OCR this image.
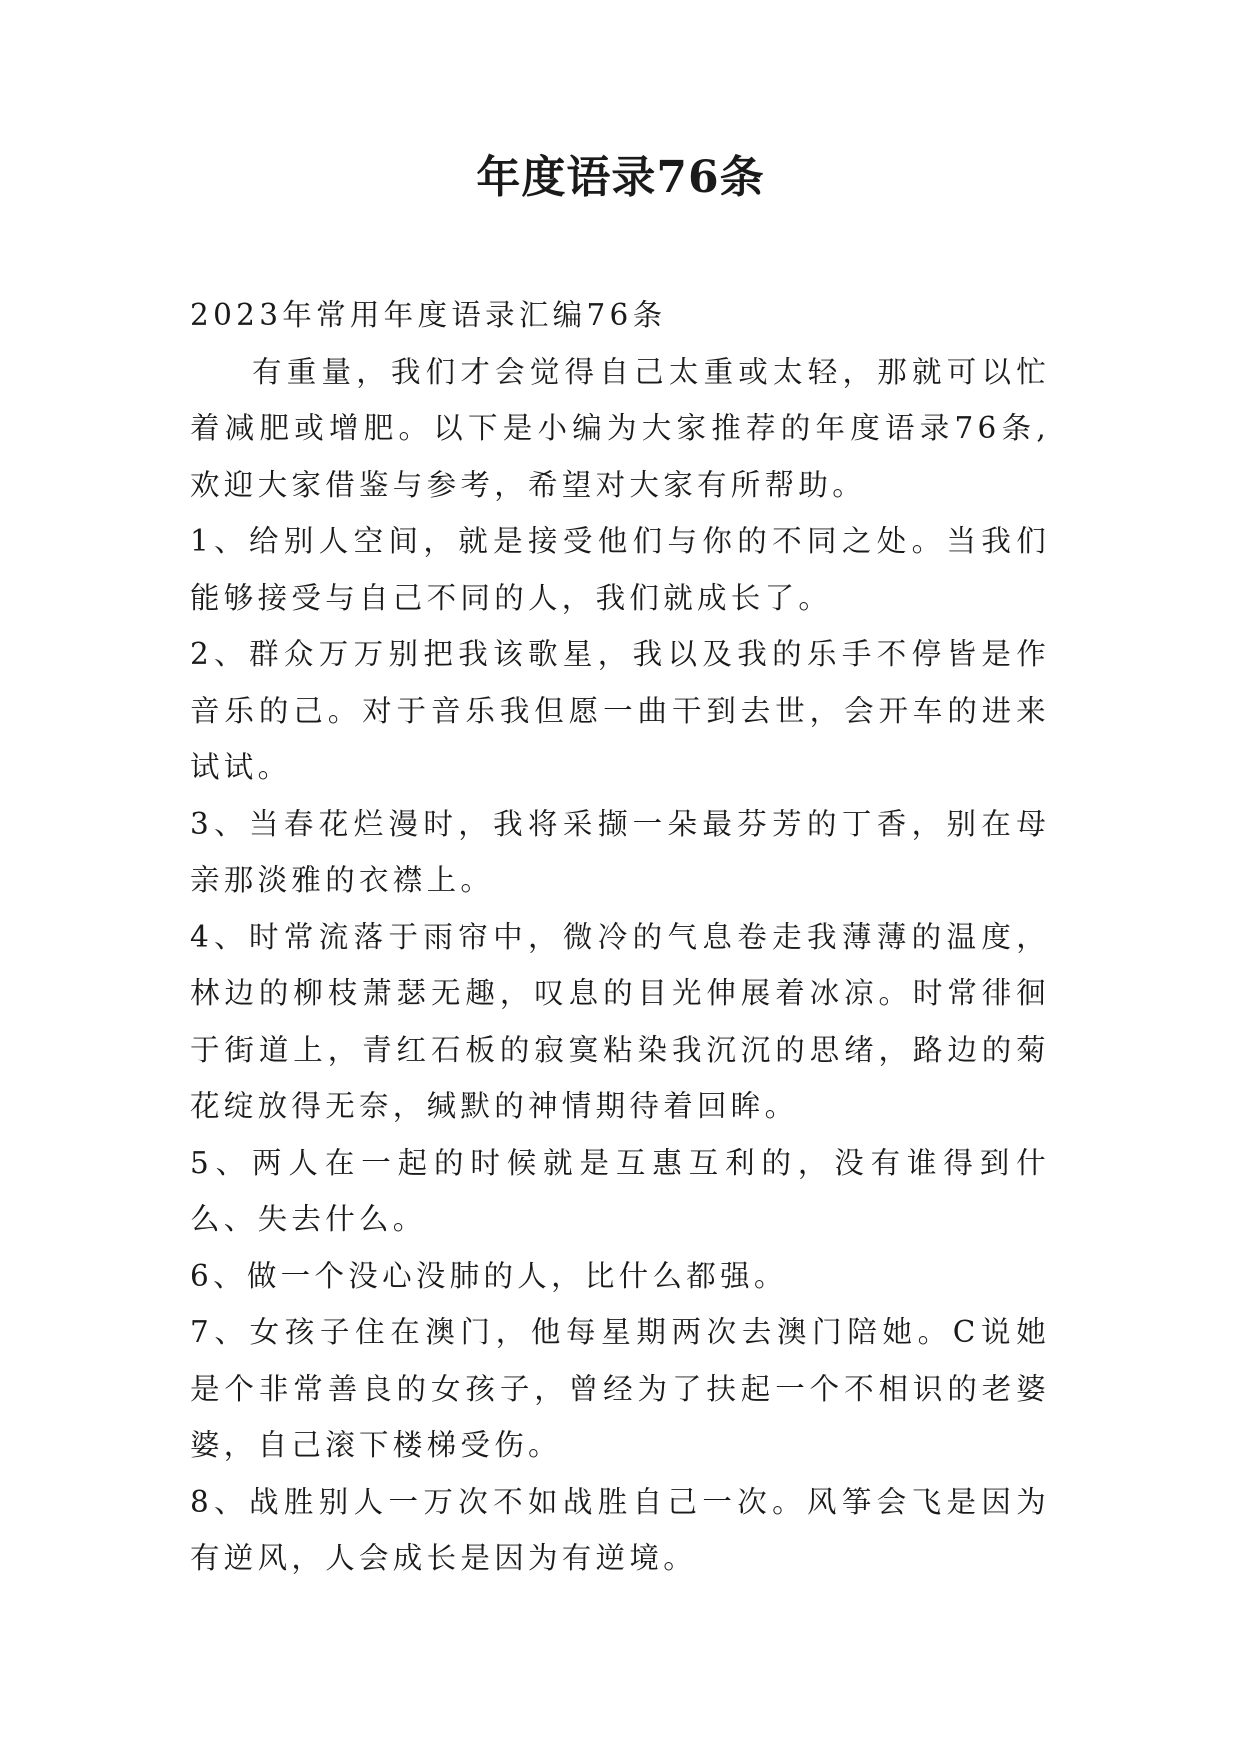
年度语录76条

2023年常用年度语录汇编76条

有重量，我们才会觉得自己太重或太轻，那就可以忙着减肥或增肥。以下是小编为大家推荐的年度语录76条,欢迎大家借鉴与参考，希望对大家有所帮助。

1、给别人空间，就是接受他们与你的不同之处。当我们能够接受与自己不同的人，我们就成长了。

2、群众万万别把我该歌星，我以及我的乐手不停皆是作音乐的己。对于音乐我但愿一曲干到去世，会开车的进来试试。

3、当春花烂漫时，我将采撷一朵最芬芳的丁香，别在母亲那淡雅的衣襟上。

4、时常流落于雨帘中，微冷的气息卷走我薄薄的温度，林边的柳枝萧瑟无趣，叹息的目光伸展着冰凉。时常徘徊于街道上，青红石板的寂寞粘染我沉沉的思绪，路边的菊花绽放得无奈，缄默的神情期待着回眸。

5、两人在一起的时候就是互惠互利的，没有谁得到什么、失去什么。

6、做一个没心没肺的人，比什么都强。

7、女孩子住在澳门，他每星期两次去澳门陪她。C说她是个非常善良的女孩子，曾经为了扶起一个不相识的老婆婆，自己滚下楼梯受伤。

8、战胜别人一万次不如战胜自己一次。风筝会飞是因为有逆风，人会成长是因为有逆境。
